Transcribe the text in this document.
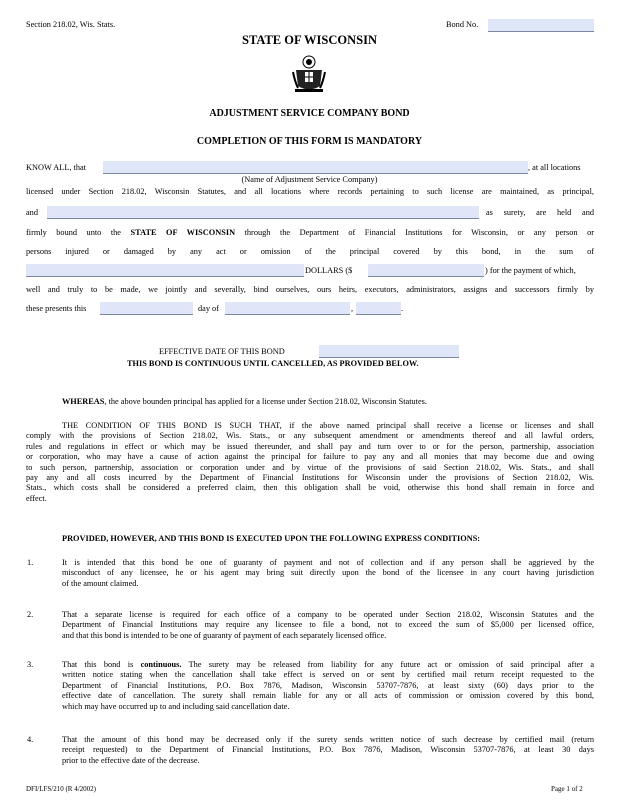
Section 218.02, Wis. Stats.	Bond No.
STATE OF WISCONSIN
ADJUSTMENT SERVICE COMPANY BOND
COMPLETION OF THIS FORM IS MANDATORY
KNOW ALL, that	, at all locations
(Name of Adjustment Service Company)
licensed under Section 218.02, Wisconsin Statutes, and all locations where records pertaining to such license are maintained, as principal,
and	as surety, are held and
firmly bound unto the STATE OF WISCONSIN through the Department of Financial Institutions for Wisconsin, or any person or
persons injured or damaged by any act or omission of the principal covered by this bond, in the sum of
DOLLARS ($	) for the payment of which,
well and truly to be made, we jointly and severally, bind ourselves, ours heirs, executors, administrators, assigns and successors firmly by
these presents this	day of	,	.
EFFECTIVE DATE OF THIS BOND
THIS BOND IS CONTINUOUS UNTIL CANCELLED, AS PROVIDED BELOW.
WHEREAS, the above bounden principal has applied for a license under Section 218.02, Wisconsin Statutes.
THE CONDITION OF THIS BOND IS SUCH THAT, if the above named principal shall receive a license or licenses and shall
comply with the provisions of Section 218.02, Wis. Stats., or any subsequent amendment or amendments thereof and all lawful orders,
rules and regulations in effect or which may be issued thereunder, and shall pay and turn over to or for the person, partnership, association
or corporation, who may have a cause of action against the principal for failure to pay any and all monies that may become due and owing
to such person, partnership, association or corporation under and by virtue of the provisions of said Section 218.02, Wis. Stats., and shall
pay any and all costs incurred by the Department of Financial Institutions for Wisconsin under the provisions of Section 218.02, Wis.
Stats., which costs shall be considered a preferred claim, then this obligation shall be void, otherwise this bond shall remain in force and
effect.
PROVIDED, HOWEVER, AND THIS BOND IS EXECUTED UPON THE FOLLOWING EXPRESS CONDITIONS:
1.	It is intended that this bond be one of guaranty of payment and not of collection and if any person shall be aggrieved by the
misconduct of any licensee, he or his agent may bring suit directly upon the bond of the licensee in any court having jurisdiction
of the amount claimed.
2.	That a separate license is required for each office of a company to be operated under Section 218.02, Wisconsin Statutes and the
Department of Financial Institutions may require any licensee to file a bond, not to exceed the sum of $5,000 per licensed office,
and that this bond is intended to be one of guaranty of payment of each separately licensed office.
3.	That this bond is continuous. The surety may be released from liability for any future act or omission of said principal after a
written notice stating when the cancellation shall take effect is served on or sent by certified mail return receipt requested to the
Department of Financial Institutions, P.O. Box 7876, Madison, Wisconsin 53707-7876, at least sixty (60) days prior to the
effective date of cancellation. The surety shall remain liable for any or all acts of commission or omission covered by this bond,
which may have occurred up to and including said cancellation date.
4.	That the amount of this bond may be decreased only if the surety sends written notice of such decrease by certified mail (return
receipt requested) to the Department of Financial Institutions, P.O. Box 7876, Madison, Wisconsin 53707-7876, at least 30 days
prior to the effective date of the decrease.
DFI/LFS/210 (R 4/2002)	Page 1 of 2
